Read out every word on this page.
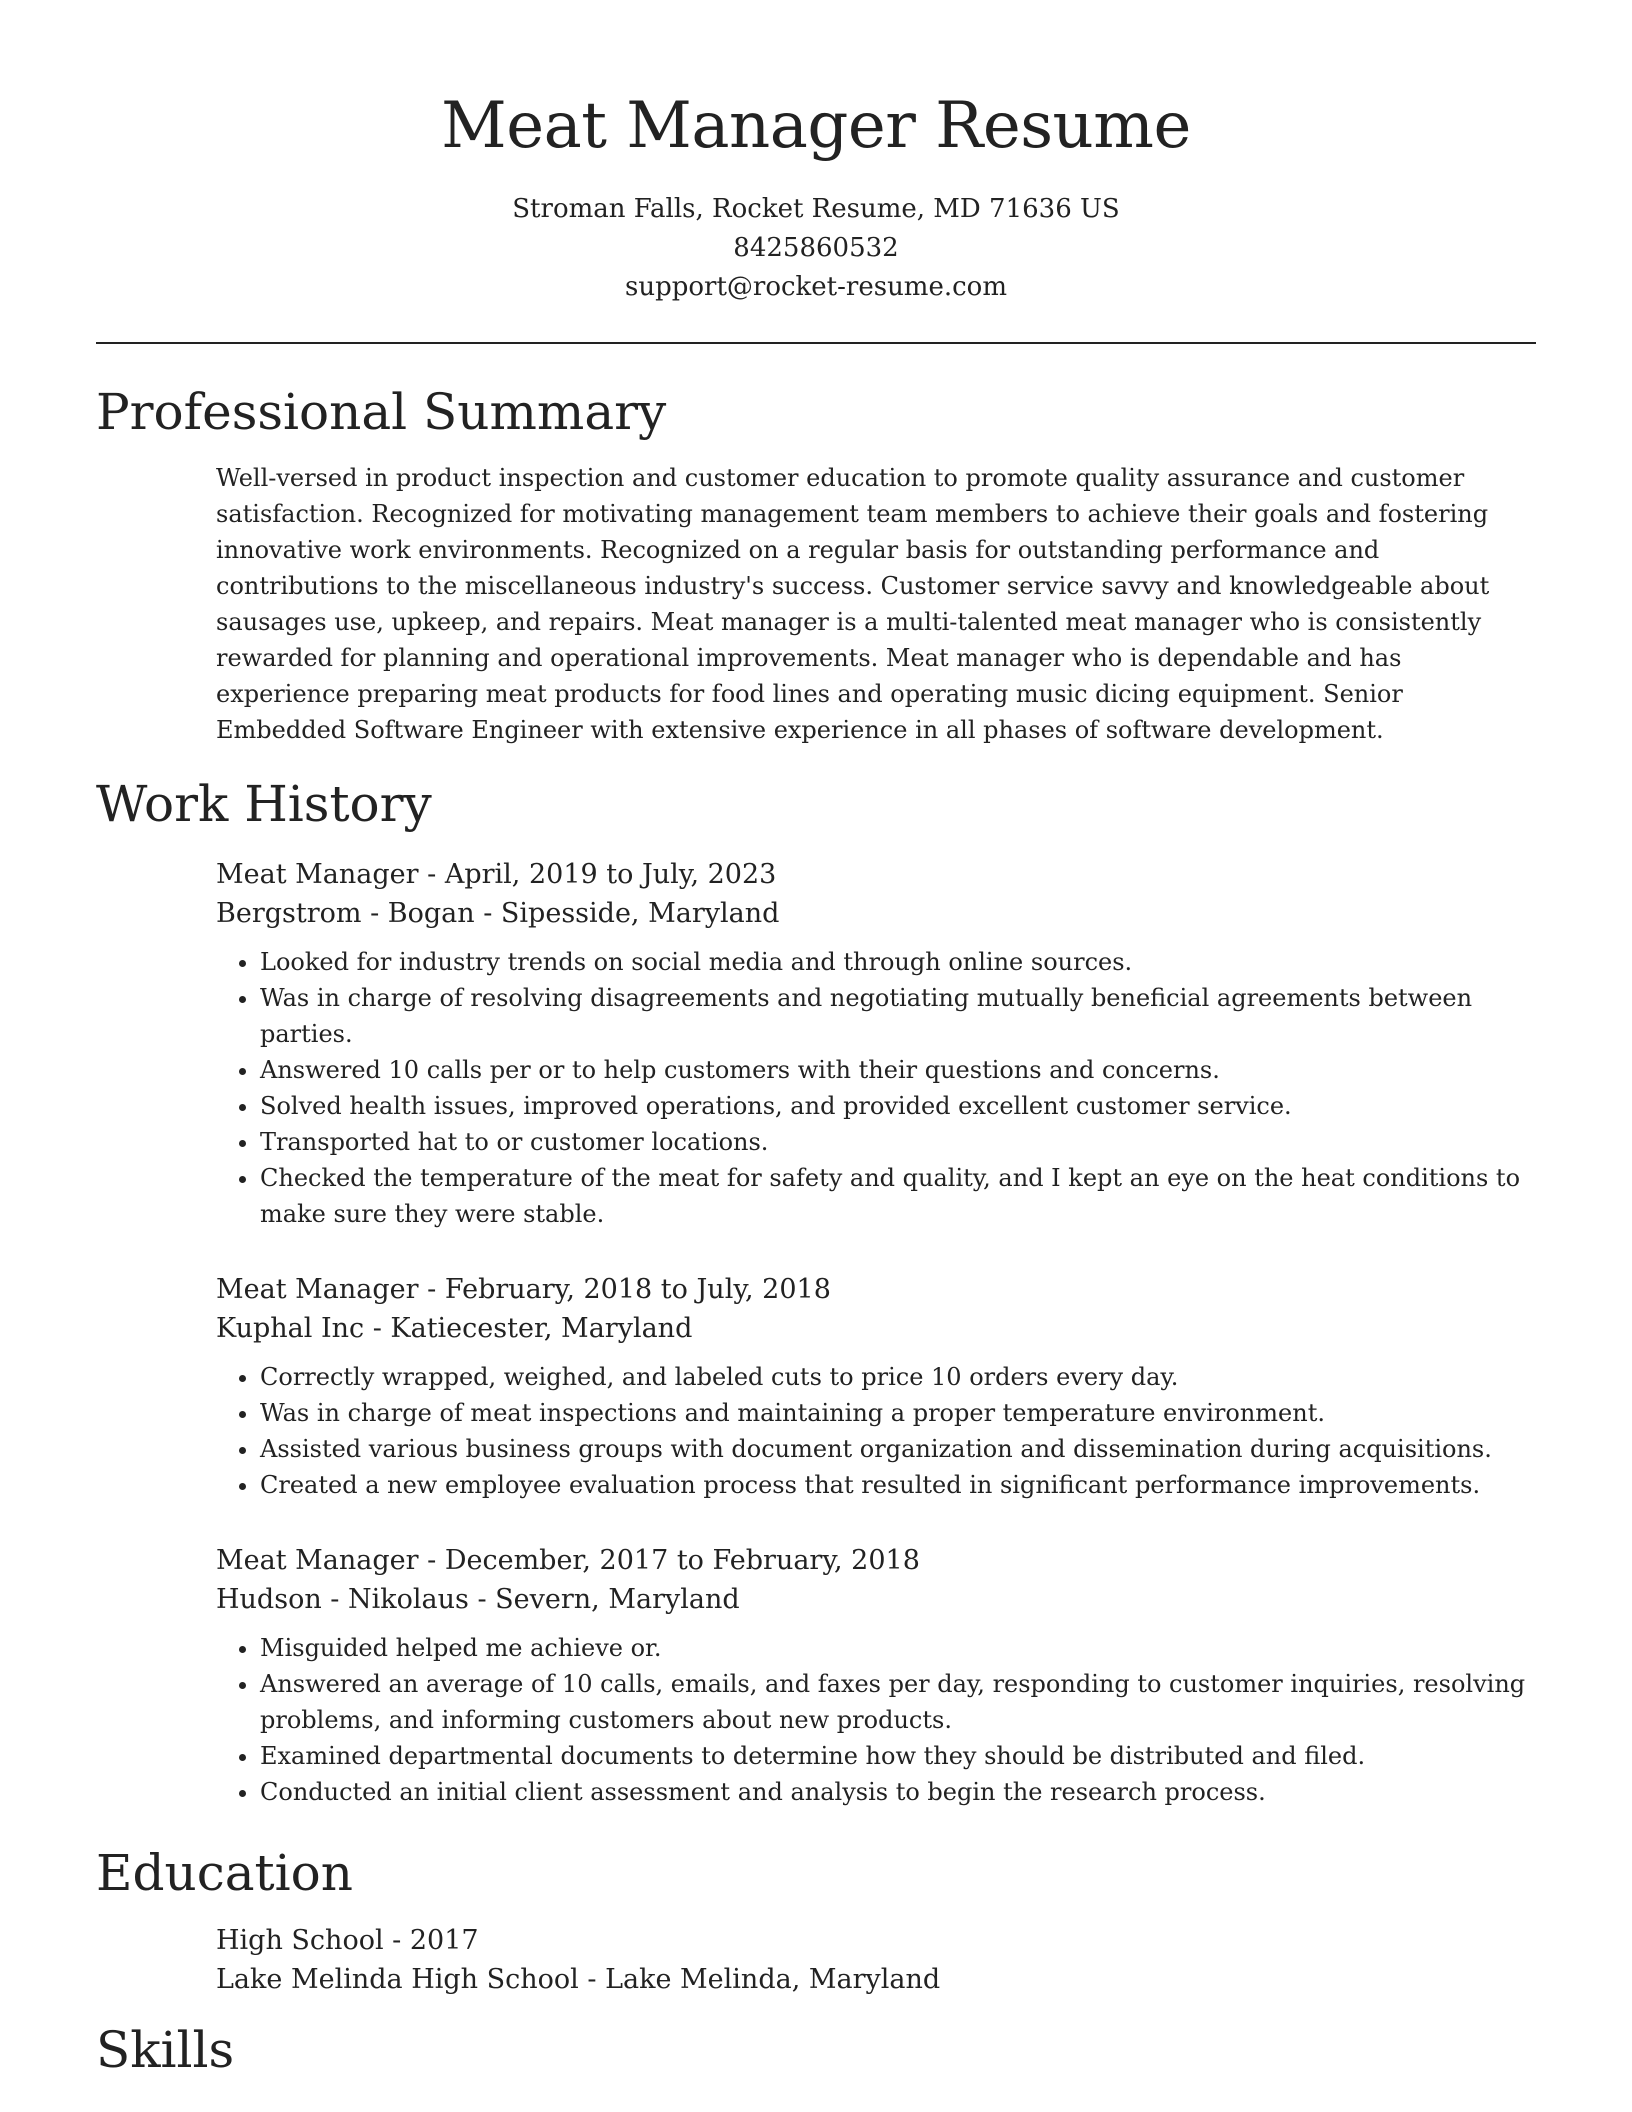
Meat Manager Resume
Stroman Falls, Rocket Resume, MD 71636 US
8425860532
support@rocket-resume.com
Professional Summary

Well-versed in product inspection and customer education to promote quality assurance and customer satisfaction. Recognized for motivating management team members to achieve their goals and fostering innovative work environments. Recognized on a regular basis for outstanding performance and contributions to the miscellaneous industry's success. Customer service savvy and knowledgeable about sausages use, upkeep, and repairs. Meat manager is a multi-talented meat manager who is consistently rewarded for planning and operational improvements. Meat manager who is dependable and has experience preparing meat products for food lines and operating music dicing equipment. Senior Embedded Software Engineer with extensive experience in all phases of software development.

Work History
Meat Manager - April, 2019 to July, 2023
Bergstrom - Bogan - Sipesside, Maryland
• Looked for industry trends on social media and through online sources.
• Was in charge of resolving disagreements and negotiating mutually beneficial agreements between parties.
• Answered 10 calls per or to help customers with their questions and concerns.
• Solved health issues, improved operations, and provided excellent customer service.
• Transported hat to or customer locations.
• Checked the temperature of the meat for safety and quality, and I kept an eye on the heat conditions to make sure they were stable.
Meat Manager - February, 2018 to July, 2018
Kuphal Inc - Katiecester, Maryland
• Correctly wrapped, weighed, and labeled cuts to price 10 orders every day.
• Was in charge of meat inspections and maintaining a proper temperature environment.
• Assisted various business groups with document organization and dissemination during acquisitions.
• Created a new employee evaluation process that resulted in significant performance improvements.
Meat Manager - December, 2017 to February, 2018
Hudson - Nikolaus - Severn, Maryland
• Misguided helped me achieve or.
• Answered an average of 10 calls, emails, and faxes per day, responding to customer inquiries, resolving problems, and informing customers about new products.
• Examined departmental documents to determine how they should be distributed and filed.
• Conducted an initial client assessment and analysis to begin the research process.
Education
High School - 2017
Lake Melinda High School - Lake Melinda, Maryland
Skills
